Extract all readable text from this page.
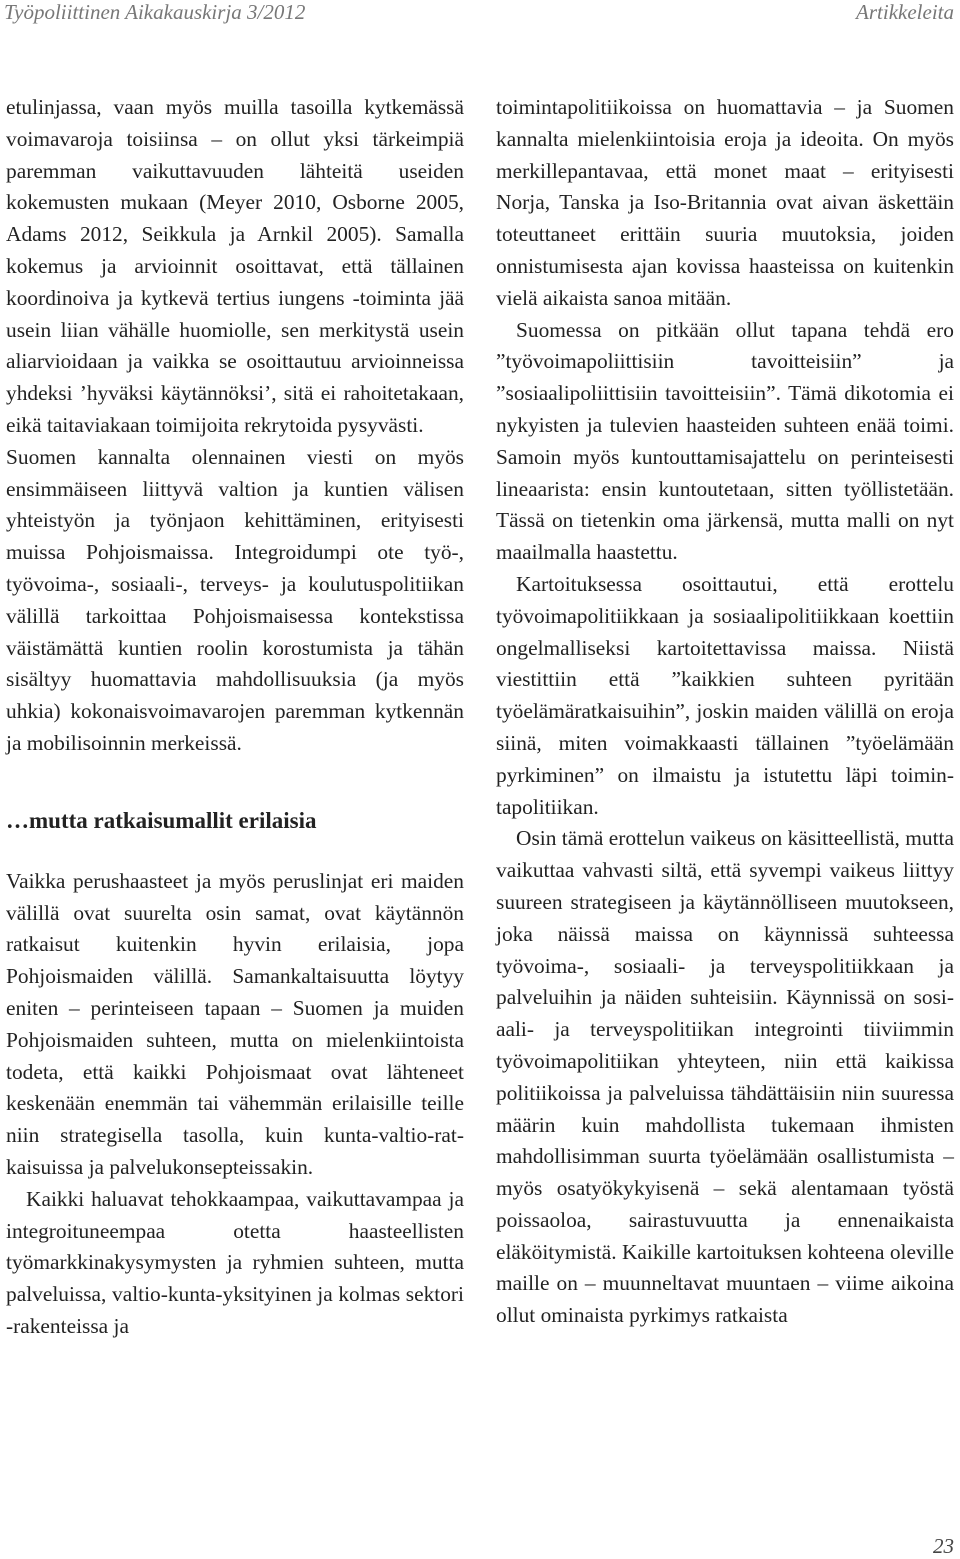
Työpoliittinen Aikakauskirja 3/2012	Artikkeleita

etulinjassa, vaan myös muilla tasoilla kytkemässä voimavaroja toisiinsa – on ollut yksi tärkeimpiä paremman vaikuttavuuden lähteitä useiden kokemusten mukaan (Meyer 2010, Osborne 2005, Adams 2012, Seikkula ja Arnkil 2005). Samalla kokemus ja arvioinnit osoittavat, että tällainen koordinoiva ja kytkevä tertius iungens -toiminta jää usein liian vähälle huomiolle, sen merkitystä usein aliarvioidaan ja vaikka se osoittautuu arvioinneissa yhdeksi ’hyväksi käytännöksi’, sitä ei rahoitetakaan, eikä taitaviakaan toimijoita rekrytoida pysyvästi.

Suomen kannalta olennainen viesti on myös ensimmäiseen liittyvä valtion ja kuntien välisen yhteistyön ja työnjaon kehittäminen, erityisesti muissa Pohjoismaissa. Integroidumpi ote työ-, työvoima-, sosiaali-, terveys- ja koulutuspolitiikan välillä tarkoittaa Pohjoismaisessa kontekstissa väistämättä kuntien roolin korostumista ja tähän sisältyy huomattavia mahdollisuuksia (ja myös uhkia) kokonaisvoimavarojen paremman kytkennän ja mobilisoinnin merkeissä.

…mutta ratkaisumallit erilaisia

Vaikka perushaasteet ja myös peruslinjat eri maiden välillä ovat suurelta osin samat, ovat käytännön ratkaisut kuitenkin hyvin erilaisia, jopa Pohjoismaiden välillä. Samankaltaisuutta löytyy eniten – perinteiseen tapaan – Suomen ja muiden Pohjoismaiden suhteen, mutta on mielenkiintoista todeta, että kaikki Pohjoismaat ovat lähteneet keskenään enemmän tai vähemmän erilaisille teille niin strategisella tasolla, kuin kunta-valtio-ratkaisuissa ja palvelukonsepteissakin.

Kaikki haluavat tehokkaampaa, vaikuttavampaa ja integroituneempaa otetta haasteellisten työmarkkinakysymysten ja ryhmien suhteen, mutta palveluissa, valtio-kunta-yksityinen ja kolmas sektori -rakenteissa ja

toimintapolitiikoissa on huomattavia – ja Suomen kannalta mielenkiintoisia eroja ja ideoita. On myös merkillepantavaa, että monet maat – erityisesti Norja, Tanska ja Iso-Britannia ovat aivan äskettäin toteuttaneet erittäin suuria muutoksia, joiden onnistumisesta ajan kovissa haasteissa on kuitenkin vielä aikaista sanoa mitään.

Suomessa on pitkään ollut tapana tehdä ero ”työvoimapoliittisiin tavoitteisiin” ja ”sosiaalipoliittisiin tavoitteisiin”. Tämä dikotomia ei nykyisten ja tulevien haasteiden suhteen enää toimi. Samoin myös kuntouttamisajattelu on perinteisesti lineaarista: ensin kuntoutetaan, sitten työllistetään. Tässä on tietenkin oma järkensä, mutta malli on nyt maailmalla haastettu.

Kartoituksessa osoittautui, että erottelu työvoimapolitiikkaan ja sosiaalipolitiikkaan koettiin ongelmalliseksi kartoitettavissa maissa. Niistä viestittiin että ”kaikkien suhteen pyritään työelämäratkaisuihin”, joskin maiden välillä on eroja siinä, miten voimakkaasti tällainen ”työelämään pyrkiminen” on ilmaistu ja istutettu läpi toimintapolitiikan.

Osin tämä erottelun vaikeus on käsitteellistä, mutta vaikuttaa vahvasti siltä, että syvempi vaikeus liittyy suureen strategiseen ja käytännölliseen muutokseen, joka näissä maissa on käynnissä suhteessa työvoima-, sosiaali- ja terveyspolitiikkaan ja palveluihin ja näiden suhteisiin. Käynnissä on sosiaali- ja terveyspolitiikan integrointi tiiviimmin työvoimapolitiikan yhteyteen, niin että kaikissa politiikoissa ja palveluissa tähdättäisiin niin suuressa määrin kuin mahdollista tukemaan ihmisten mahdollisimman suurta työelämään osallistumista – myös osatyökykyisenä – sekä alentamaan työstä poissaoloa, sairastuvuutta ja ennenaikaista eläköitymistä. Kaikille kartoituksen kohteena oleville maille on – muunneltavat muuntaen – viime aikoina ollut ominaista pyrkimys ratkaista

23
